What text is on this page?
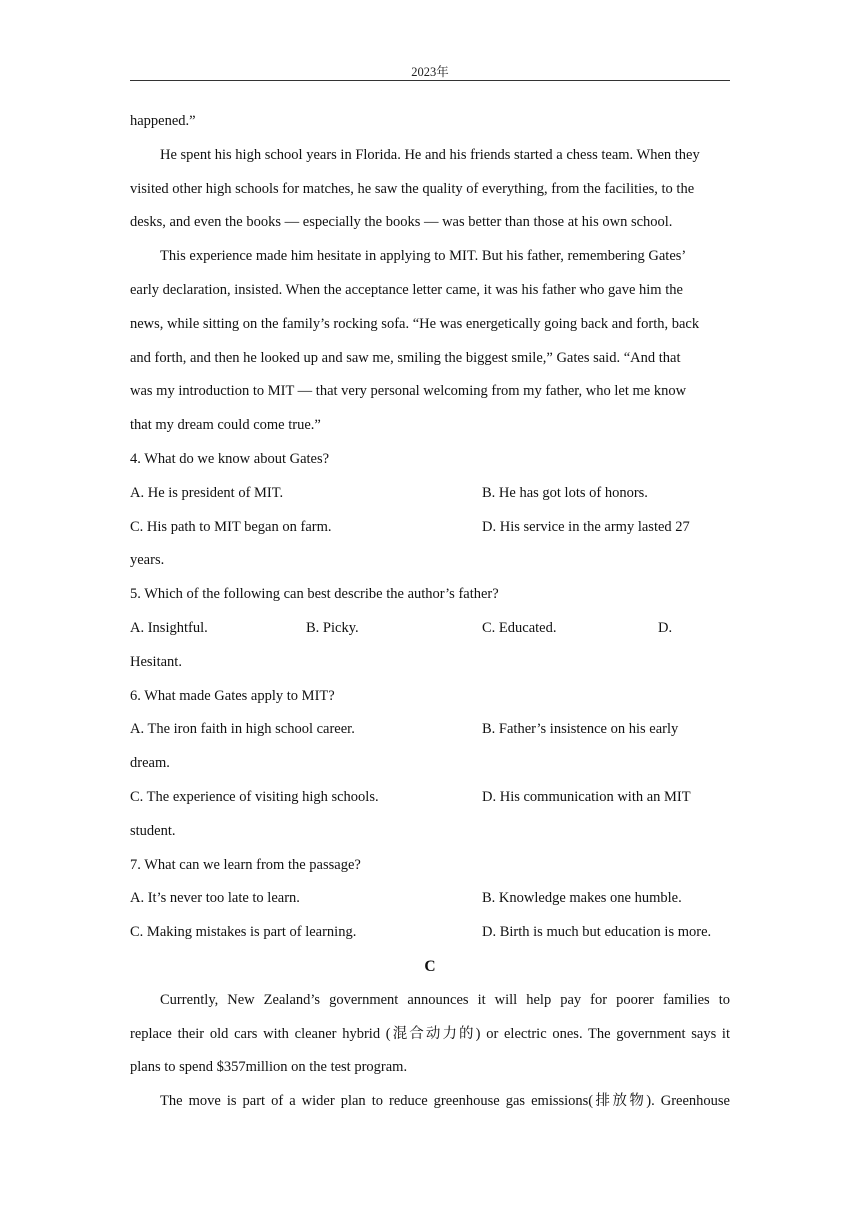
2023年
happened.”
He spent his high school years in Florida. He and his friends started a chess team. When they
visited other high schools for matches, he saw the quality of everything, from the facilities, to the
desks, and even the books — especially the books — was better than those at his own school.
This experience made him hesitate in applying to MIT. But his father, remembering Gates’
early declaration, insisted. When the acceptance letter came, it was his father who gave him the
news, while sitting on the family’s rocking sofa. “He was energetically going back and forth, back
and forth, and then he looked up and saw me, smiling the biggest smile,” Gates said. “And that
was my introduction to MIT — that very personal welcoming from my father, who let me know
that my dream could come true.”
4. What do we know about Gates?
A. He is president of MIT.	B. He has got lots of honors.
C. His path to MIT began on farm.	D. His service in the army lasted 27
years.
5. Which of the following can best describe the author’s father?
A. Insightful.	B. Picky.	C. Educated.	D.
Hesitant.
6. What made Gates apply to MIT?
A. The iron faith in high school career.	B. Father’s insistence on his early
dream.
C. The experience of visiting high schools.	D. His communication with an MIT
student.
7. What can we learn from the passage?
A. It’s never too late to learn.	B. Knowledge makes one humble.
C. Making mistakes is part of learning.	D. Birth is much but education is more.
C
Currently, New Zealand’s government announces it will help pay for poorer families to
replace their old cars with cleaner hybrid (混合动力的) or electric ones. The government says it
plans to spend $357million on the test program.
The move is part of a wider plan to reduce greenhouse gas emissions(排放物). Greenhouse
